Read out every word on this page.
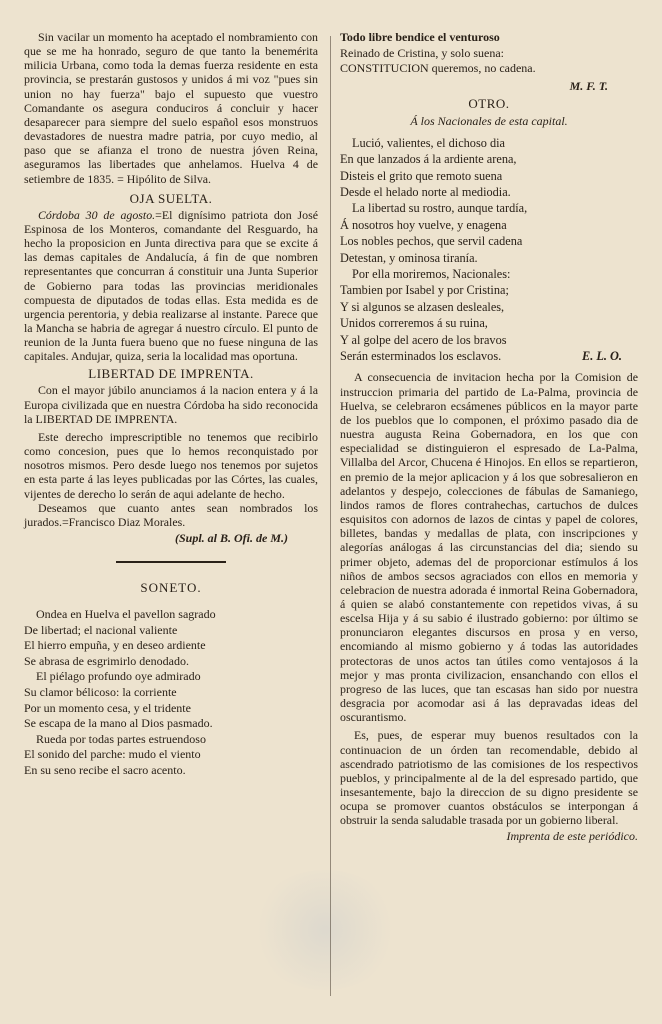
Sin vacilar un momento ha aceptado el nombramiento con que se me ha honrado, seguro de que tanto la benemérita milicia Urbana, como toda la demas fuerza residente en esta provincia, se prestarán gustosos y unidos á mi voz "pues sin union no hay fuerza" bajo el supuesto que vuestro Comandante os asegura conduciros á concluir y hacer desaparecer para siempre del suelo español esos monstruos devastadores de nuestra madre patria, por cuyo medio, al paso que se afianza el trono de nuestra jóven Reina, aseguramos las libertades que anhelamos. Huelva 4 de setiembre de 1835. = Hipólito de Silva.

OJA SUELTA.

Córdoba 30 de agosto.=El dignísimo patriota don José Espinosa de los Monteros, comandante del Resguardo, ha hecho la proposicion en Junta directiva para que se excite á las demas capitales de Andalucía, á fin de que nombren representantes que concurran á constituir una Junta Superior de Gobierno para todas las provincias meridionales compuesta de diputados de todas ellas. Esta medida es de urgencia perentoria, y debia realizarse al instante. Parece que la Mancha se habria de agregar á nuestro círculo. El punto de reunion de la Junta fuera bueno que no fuese ninguna de las capitales. Andujar, quiza, seria la localidad mas oportuna.

LIBERTAD DE IMPRENTA.

Con el mayor júbilo anunciamos á la nacion entera y á la Europa civilizada que en nuestra Córdoba ha sido reconocida la LIBERTAD DE IMPRENTA.

Este derecho imprescriptible no tenemos que recibirlo como concesion, pues que lo hemos reconquistado por nosotros mismos. Pero desde luego nos tenemos por sujetos en esta parte á las leyes publicadas por las Córtes, las cuales, vijentes de derecho lo serán de aqui adelante de hecho.

Deseamos que cuanto antes sean nombrados los jurados.=Francisco Diaz Morales.

(Supl. al B. Ofi. de M.)
SONETO.
Ondea en Huelva el pavellon sagrado
De libertad; el nacional valiente
El hierro empuña, y en deseo ardiente
Se abrasa de esgrimirlo denodado.
El piélago profundo oye admirado
Su clamor bélicoso: la corriente
Por un momento cesa, y el tridente
Se escapa de la mano al Dios pasmado.
Rueda por todas partes estruendoso
El sonido del parche: mudo el viento
En su seno recibe el sacro acento.
Todo libre bendice el venturoso
Reinado de Cristina, y solo suena:
CONSTITUCION queremos, no cadena.
M. F. T.
OTRO.
Á los Nacionales de esta capital.
Lució, valientes, el dichoso dia
En que lanzados á la ardiente arena,
Disteis el grito que remoto suena
Desde el helado norte al mediodia.
La libertad su rostro, aunque tardía,
Á nosotros hoy vuelve, y enagena
Los nobles pechos, que servil cadena
Detestan, y ominosa tiranía.
Por ella moriremos, Nacionales:
Tambien por Isabel y por Cristina;
Y si algunos se alzasen desleales,
Unidos correremos á su ruina,
Y al golpe del acero de los bravos
Serán esterminados los esclavos.	E. L. O.

A consecuencia de invitacion hecha por la Comision de instruccion primaria del partido de La-Palma, provincia de Huelva, se celebraron ecsámenes públicos en la mayor parte de los pueblos que lo componen, el próximo pasado dia de nuestra augusta Reina Gobernadora, en los que con especialidad se distinguieron el espresado de La-Palma, Villalba del Arcor, Chucena é Hinojos. En ellos se repartieron, en premio de la mejor aplicacion y á los que sobresalieron en adelantos y despejo, colecciones de fábulas de Samaniego, lindos ramos de flores contrahechas, cartuchos de dulces esquisitos con adornos de lazos de cintas y papel de colores, billetes, bandas y medallas de plata, con inscripciones y alegorías análogas á las circunstancias del dia; siendo su primer objeto, ademas del de proporcionar estímulos á los niños de ambos secsos agraciados con ellos en memoria y celebracion de nuestra adorada é inmortal Reina Gobernadora, á quien se alabó constantemente con repetidos vivas, á su escelsa Hija y á su sabio é ilustrado gobierno: por último se pronunciaron elegantes discursos en prosa y en verso, encomiando al mismo gobierno y á todas las autoridades protectoras de unos actos tan útiles como ventajosos á la mejor y mas pronta civilizacion, ensanchando con ellos el progreso de las luces, que tan escasas han sido por nuestra desgracia por acomodar asi á las depravadas ideas del oscurantismo.

Es, pues, de esperar muy buenos resultados con la continuacion de un órden tan recomendable, debido al ascendrado patriotismo de las comisiones de los respectivos pueblos, y principalmente al de la del espresado partido, que insesantemente, bajo la direccion de su digno presidente se ocupa se promover cuantos obstáculos se interpongan á obstruir la senda saludable trasada por un gobierno liberal.

Imprenta de este periódico.
